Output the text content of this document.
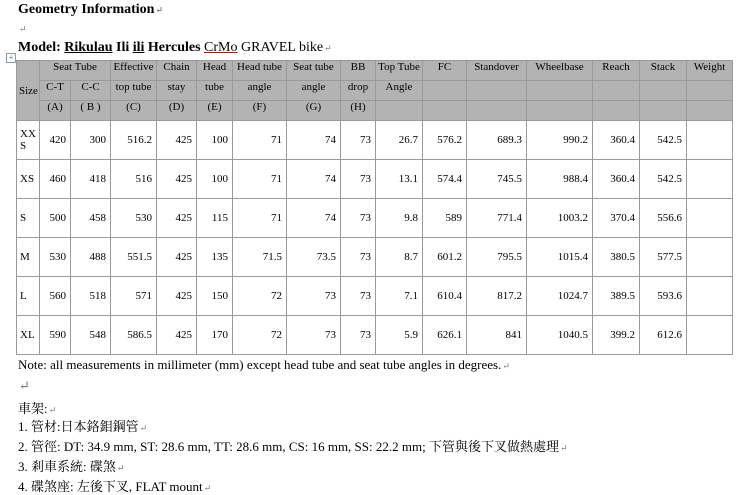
Geometry Information↵
↵
Model: Rikulau Ili ili Hercules CrMo GRAVEL bike↵
+
Size	Seat Tube		Effective	Chain	Head	Head tube	Seat tube	BB	Top Tube	FC	Standover	Wheelbase	Reach	Stack	Weight
	C-T	C-C	top tube	stay	tube	angle	angle	drop	Angle						
	(A)	( B )	(C)	(D)	(E)	(F)	(G)	(H)							
XX S	420	300	516.2	425	100	71	74	73	26.7	576.2	689.3	990.2	360.4	542.5	
XS	460	418	516	425	100	71	74	73	13.1	574.4	745.5	988.4	360.4	542.5	
S	500	458	530	425	115	71	74	73	9.8	589	771.4	1003.2	370.4	556.6	
M	530	488	551.5	425	135	71.5	73.5	73	8.7	601.2	795.5	1015.4	380.5	577.5	
L	560	518	571	425	150	72	73	73	7.1	610.4	817.2	1024.7	389.5	593.6	
XL	590	548	586.5	425	170	72	73	73	5.9	626.1	841	1040.5	399.2	612.6	
Note: all measurements in millimeter (mm) except head tube and seat tube angles in degrees.↵
↵
車架:↵
1. 管材:日本鉻鉬鋼管↵
2. 管徑: DT: 34.9 mm, ST: 28.6 mm, TT: 28.6 mm, CS: 16 mm, SS: 22.2 mm; 下管與後下叉做熱處理↵
3. 剎車系統: 碟煞↵
4. 碟煞座: 左後下叉, FLAT mount↵
